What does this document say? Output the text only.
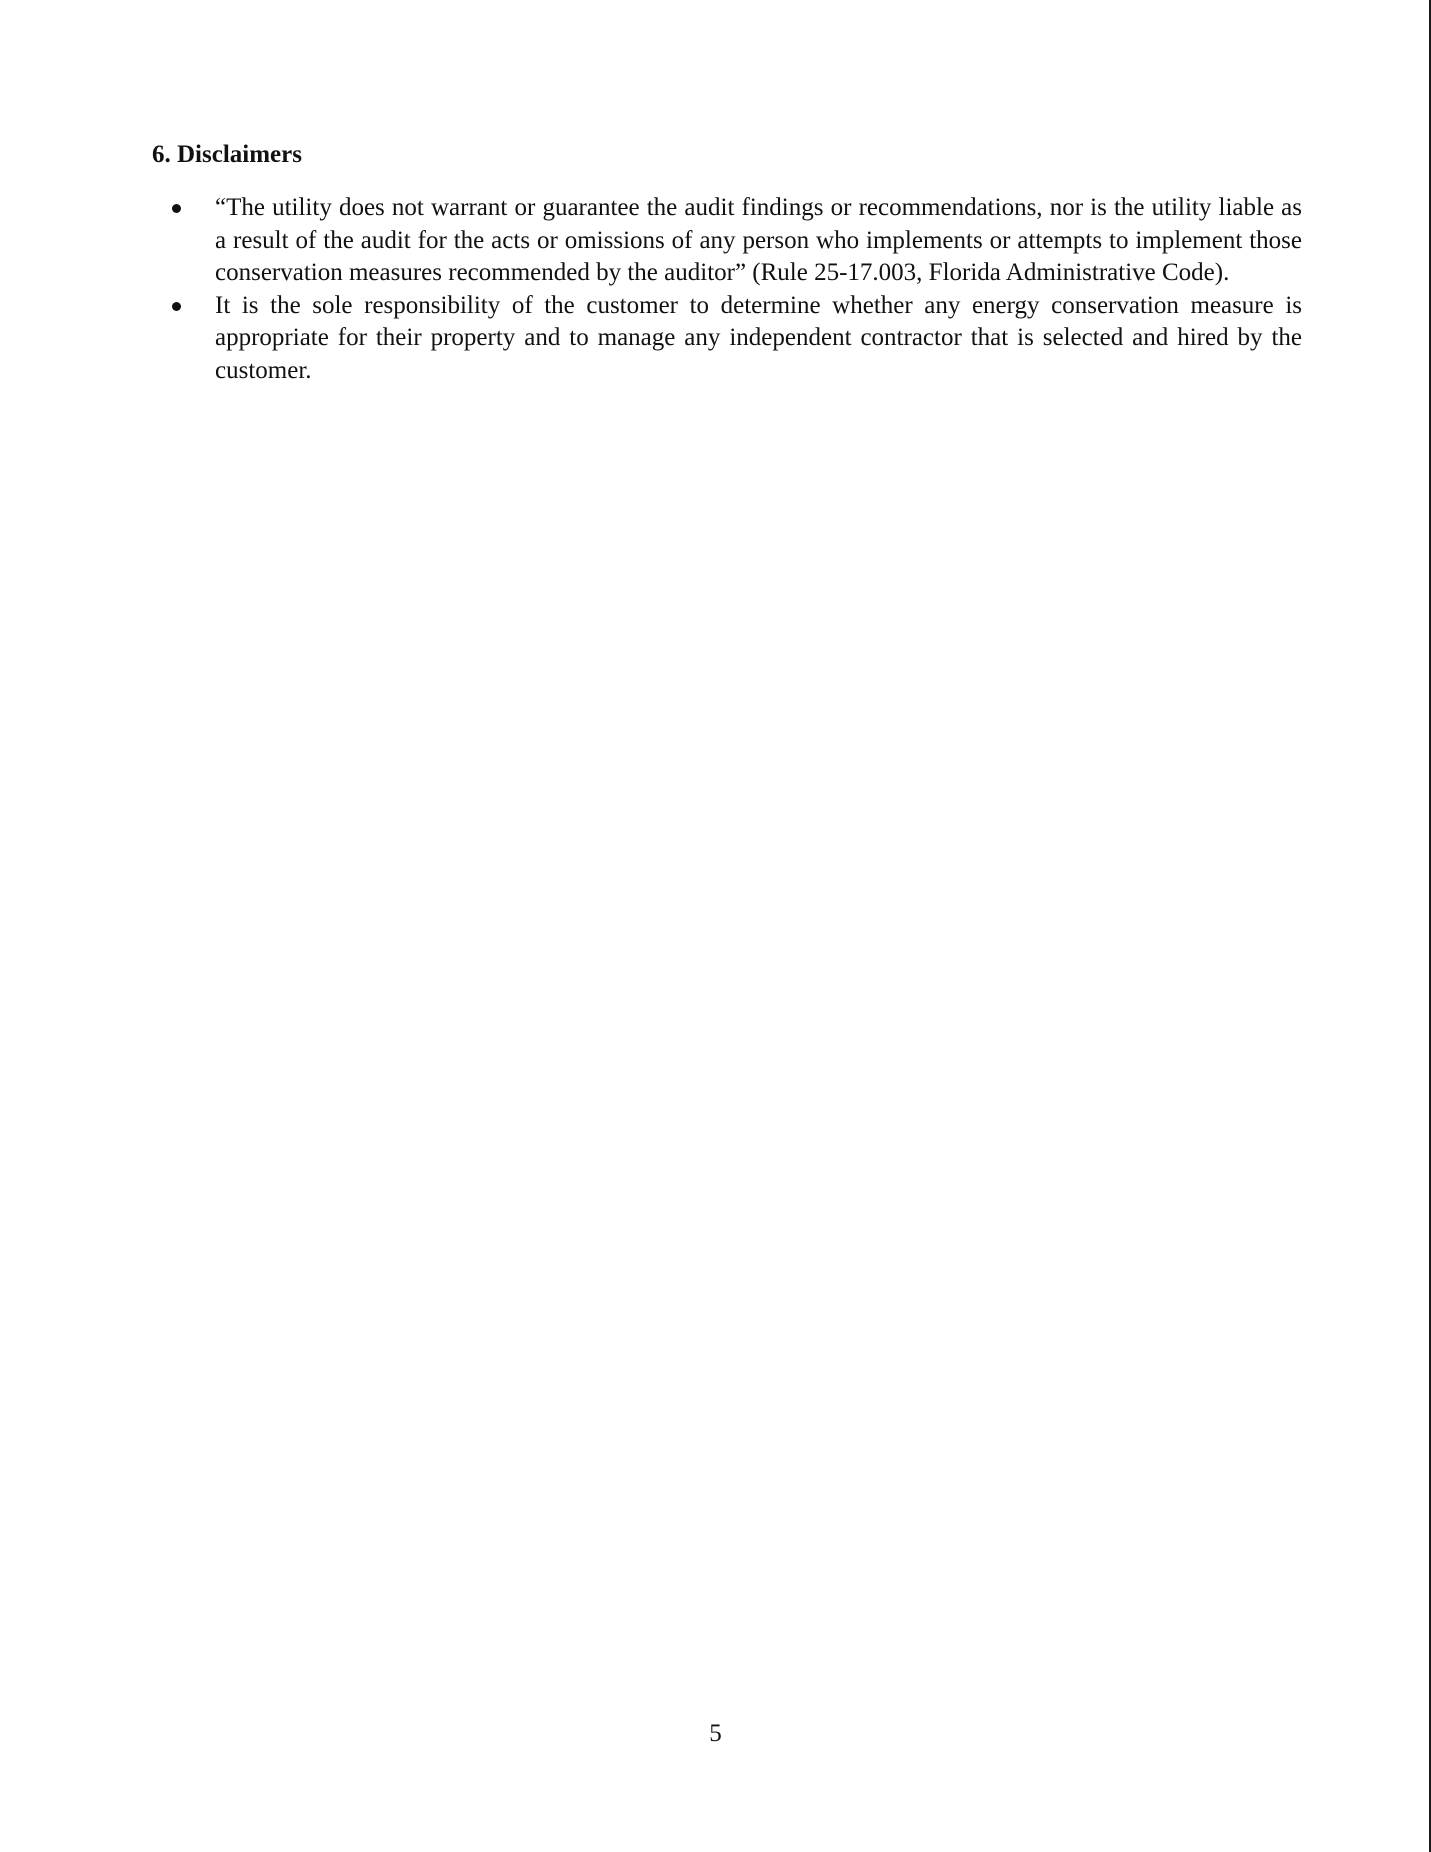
6. Disclaimers
“The utility does not warrant or guarantee the audit findings or recommendations, nor is the utility liable as a result of the audit for the acts or omissions of any person who implements or attempts to implement those conservation measures recommended by the auditor” (Rule 25-17.003, Florida Administrative Code).
It is the sole responsibility of the customer to determine whether any energy conservation measure is appropriate for their property and to manage any independent contractor that is selected and hired by the customer.
5
